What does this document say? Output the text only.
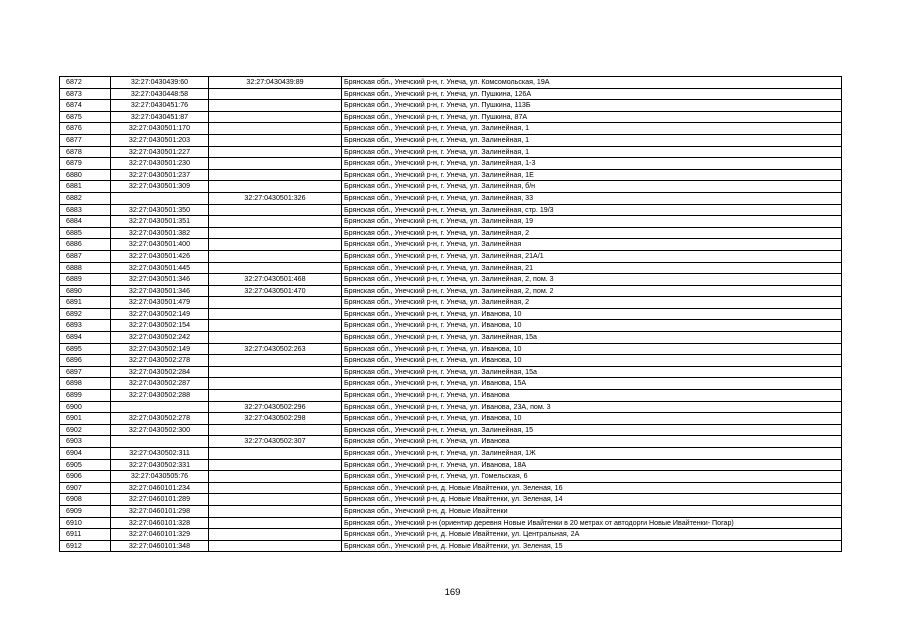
6872	32:27:0430439:60	32:27:0430439:89	Брянская обл., Унечский р-н, г. Унеча, ул. Комсомольская, 19А
6873	32:27:0430448:58		Брянская обл., Унечский р-н, г. Унеча, ул. Пушкина, 126А
6874	32:27:0430451:76		Брянская обл., Унечский р-н, г. Унеча, ул. Пушкина, 113Б
6875	32:27:0430451:87		Брянская обл., Унечский р-н, г. Унеча, ул. Пушкина, 87А
6876	32:27:0430501:170		Брянская обл., Унечский р-н, г. Унеча, ул. Залинейная, 1
6877	32:27:0430501:203		Брянская обл., Унечский р-н, г. Унеча, ул. Залинейная, 1
6878	32:27:0430501:227		Брянская обл., Унечский р-н, г. Унеча, ул. Залинейная, 1
6879	32:27:0430501:230		Брянская обл., Унечский р-н, г. Унеча, ул. Залинейная, 1-3
6880	32:27:0430501:237		Брянская обл., Унечский р-н, г. Унеча, ул. Залинейная, 1Е
6881	32:27:0430501:309		Брянская обл., Унечский р-н, г. Унеча, ул. Залинейная, б/н
6882		32:27:0430501:326	Брянская обл., Унечский р-н, г. Унеча, ул. Залинейная, 33
6883	32:27:0430501:350		Брянская обл., Унечский р-н, г. Унеча, ул. Залинейная, стр. 19/3
6884	32:27:0430501:351		Брянская обл., Унечский р-н, г. Унеча, ул. Залинейная, 19
6885	32:27:0430501:382		Брянская обл., Унечский р-н, г. Унеча, ул. Залинейная, 2
6886	32:27:0430501:400		Брянская обл., Унечский р-н, г. Унеча, ул. Залинейная
6887	32:27:0430501:426		Брянская обл., Унечский р-н, г. Унеча, ул. Залинейная, 21А/1
6888	32:27:0430501:445		Брянская обл., Унечский р-н, г. Унеча, ул. Залинейная, 21
6889	32:27:0430501:346	32:27:0430501:468	Брянская обл., Унечский р-н, г. Унеча, ул. Залинейная, 2, пом. 3
6890	32:27:0430501:346	32:27:0430501:470	Брянская обл., Унечский р-н, г. Унеча, ул. Залинейная, 2, пом. 2
6891	32:27:0430501:479		Брянская обл., Унечский р-н, г. Унеча, ул. Залинейная, 2
6892	32:27:0430502:149		Брянская обл., Унечский р-н, г. Унеча, ул. Иванова, 10
6893	32:27:0430502:154		Брянская обл., Унечский р-н, г. Унеча, ул. Иванова, 10
6894	32:27:0430502:242		Брянская обл., Унечский р-н, г. Унеча, ул. Залинейная, 15а
6895	32:27:0430502:149	32:27:0430502:263	Брянская обл., Унечский р-н, г. Унеча, ул. Иванова, 10
6896	32:27:0430502:278		Брянская обл., Унечский р-н, г. Унеча, ул. Иванова, 10
6897	32:27:0430502:284		Брянская обл., Унечский р-н, г. Унеча, ул. Залинейная, 15а
6898	32:27:0430502:287		Брянская обл., Унечский р-н, г. Унеча, ул. Иванова, 15А
6899	32:27:0430502:288		Брянская обл., Унечский р-н, г. Унеча, ул. Иванова
6900		32:27:0430502:296	Брянская обл., Унечский р-н, г. Унеча, ул. Иванова, 23А, пом. 3
6901	32:27:0430502:278	32:27:0430502:298	Брянская обл., Унечский р-н, г. Унеча, ул. Иванова, 10
6902	32:27:0430502:300		Брянская обл., Унечский р-н, г. Унеча, ул. Залинейная, 15
6903		32:27:0430502:307	Брянская обл., Унечский р-н, г. Унеча, ул. Иванова
6904	32:27:0430502:311		Брянская обл., Унечский р-н, г. Унеча, ул. Залинейная, 1Ж
6905	32:27:0430502:331		Брянская обл., Унечский р-н, г. Унеча, ул. Иванова, 18А
6906	32:27:0430505:76		Брянская обл., Унечский р-н, г. Унеча, ул. Гомельская, 6
6907	32:27:0460101:234		Брянская обл., Унечский р-н, д. Новые Ивайтенки, ул. Зеленая, 16
6908	32:27:0460101:289		Брянская обл., Унечский р-н, д. Новые Ивайтенки, ул. Зеленая, 14
6909	32:27:0460101:298		Брянская обл., Унечский р-н, д. Новые Ивайтенки
6910	32:27:0460101:328		Брянская обл., Унечский р-н (ориентир деревня Новые Ивайтенки в 20 метрах от автодорги Новые Ивайтенки- Погар)
6911	32:27:0460101:329		Брянская обл., Унечский р-н, д. Новые Ивайтенки, ул. Центральная, 2А
6912	32:27:0460101:348		Брянская обл., Унечский р-н, д. Новые Ивайтенки, ул. Зеленая, 15
169
